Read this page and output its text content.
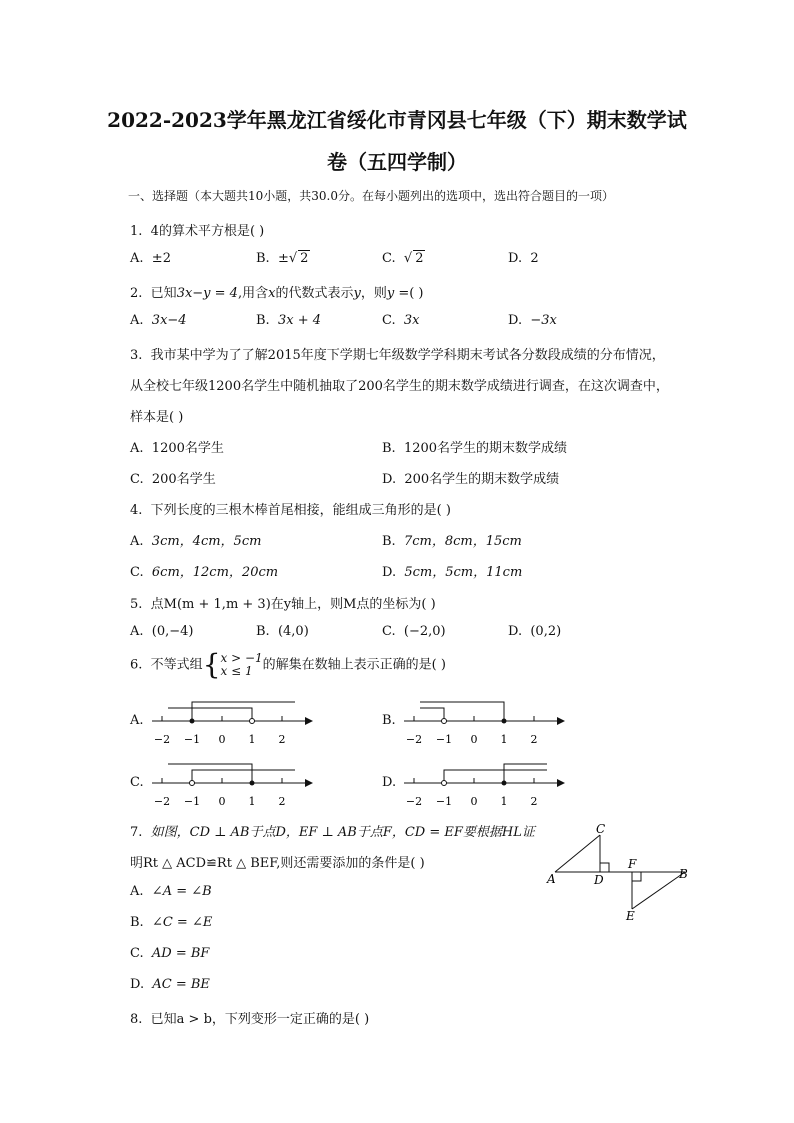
2022-2023学年黑龙江省绥化市青冈县七年级（下）期末数学试
卷（五四学制）
一、选择题（本大题共10小题，共30.0分。在每小题列出的选项中，选出符合题目的一项）
1. 4的算术平方根是( )
A. ±2	B. ±√ 2	C.  √ 2	D. 2
2. 已知3x−y = 4,用含x的代数式表示y，则y =( )
A. 3x−4	B. 3x + 4	C. 3x	D. −3x
3. 我市某中学为了了解2015年度下学期七年级数学学科期末考试各分数段成绩的分布情况，
从全校七年级1200名学生中随机抽取了200名学生的期末数学成绩进行调查，在这次调查中，
样本是( )
A. 1200名学生	B. 1200名学生的期末数学成绩
C. 200名学生	D. 200名学生的期末数学成绩
4. 下列长度的三根木棒首尾相接，能组成三角形的是( )
A. 3cm，4cm，5cm	B. 7cm，8cm，15cm
C. 6cm，12cm，20cm	D. 5cm，5cm，11cm
5. 点M(m + 1,m + 3)在y轴上，则M点的坐标为( )
A. (0,−4)	B. (4,0)	C. (−2,0)	D. (0,2)
6. 不等式组{ x > −1
x ≤ 1 的解集在数轴上表示正确的是( )
A.	B.
C.	D.
−2 −1 0 1 2	−2 −1 0 1 2
−2 −1 0 1 2	−2 −1 0 1 2
7. 如图，CD ⊥ AB于点D，EF ⊥ AB于点F，CD = EF要根据HL证
明Rt △ ACD≌Rt △ BEF,则还需要添加的条件是( )
A. ∠A = ∠B
B. ∠C = ∠E
C. AD = BF
D. AC = BE
A
C
D
F
B
E
8. 已知a > b，下列变形一定正确的是( )
